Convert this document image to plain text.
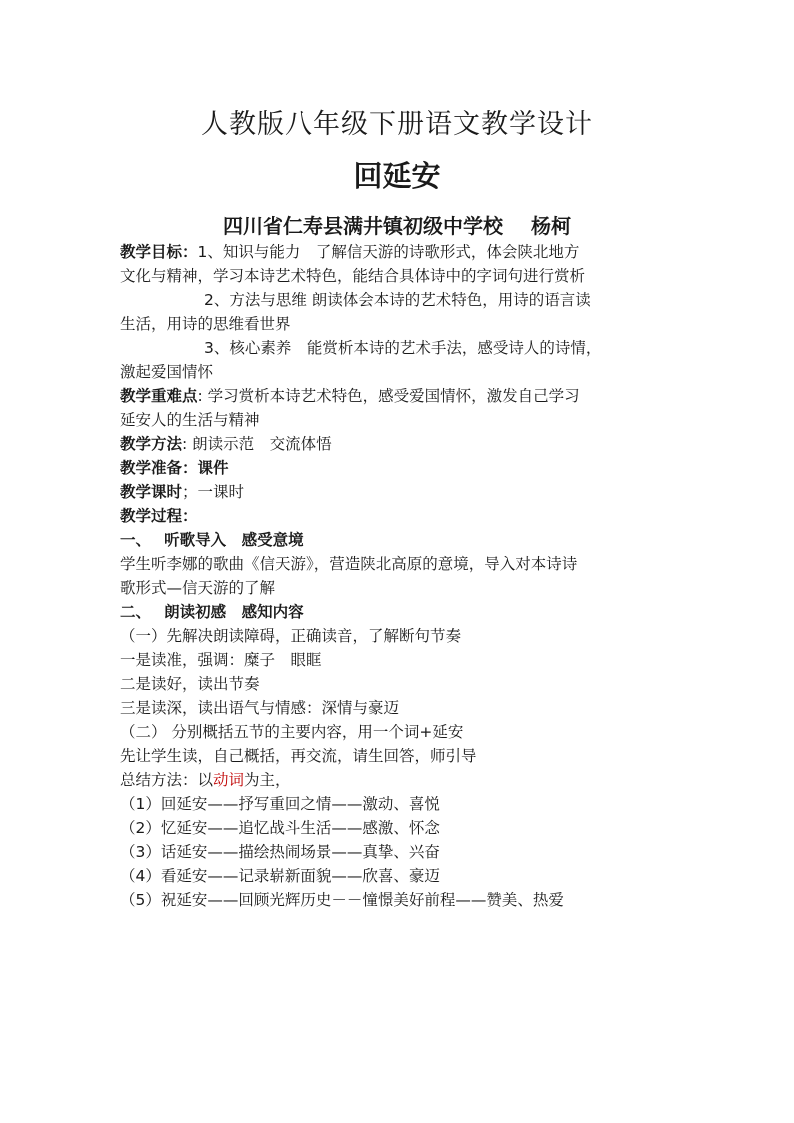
人教版八年级下册语文教学设计
回延安
四川省仁寿县满井镇初级中学校 杨柯
教学目标：1、知识与能力　了解信天游的诗歌形式，体会陕北地方
文化与精神，学习本诗艺术特色，能结合具体诗中的字词句进行赏析
2、方法与思维 朗读体会本诗的艺术特色，用诗的语言读
生活，用诗的思维看世界
3、核心素养　能赏析本诗的艺术手法，感受诗人的诗情，
激起爱国情怀
教学重难点: 学习赏析本诗艺术特色，感受爱国情怀，激发自己学习
延安人的生活与精神
教学方法: 朗读示范　交流体悟
教学准备：课件
教学课时；一课时
教学过程：
一、　 听歌导入　感受意境
学生听李娜的歌曲《信天游》，营造陕北高原的意境，导入对本诗诗
歌形式—信天游的了解
二、　 朗读初感　感知内容
（一）先解决朗读障碍，正确读音，了解断句节奏
一是读准，强调：糜子　眼眶
二是读好，读出节奏
三是读深，读出语气与情感：深情与豪迈
（二） 分别概括五节的主要内容，用一个词+延安
先让学生读，自己概括，再交流，请生回答，师引导
总结方法：以动词为主，
（1）回延安——抒写重回之情——激动、喜悦
（2）忆延安——追忆战斗生活——感激、怀念
（3）话延安——描绘热闹场景——真挚、兴奋
（4）看延安——记录崭新面貌——欣喜、豪迈
（5）祝延安——回顾光辉历史－－憧憬美好前程——赞美、热爱
